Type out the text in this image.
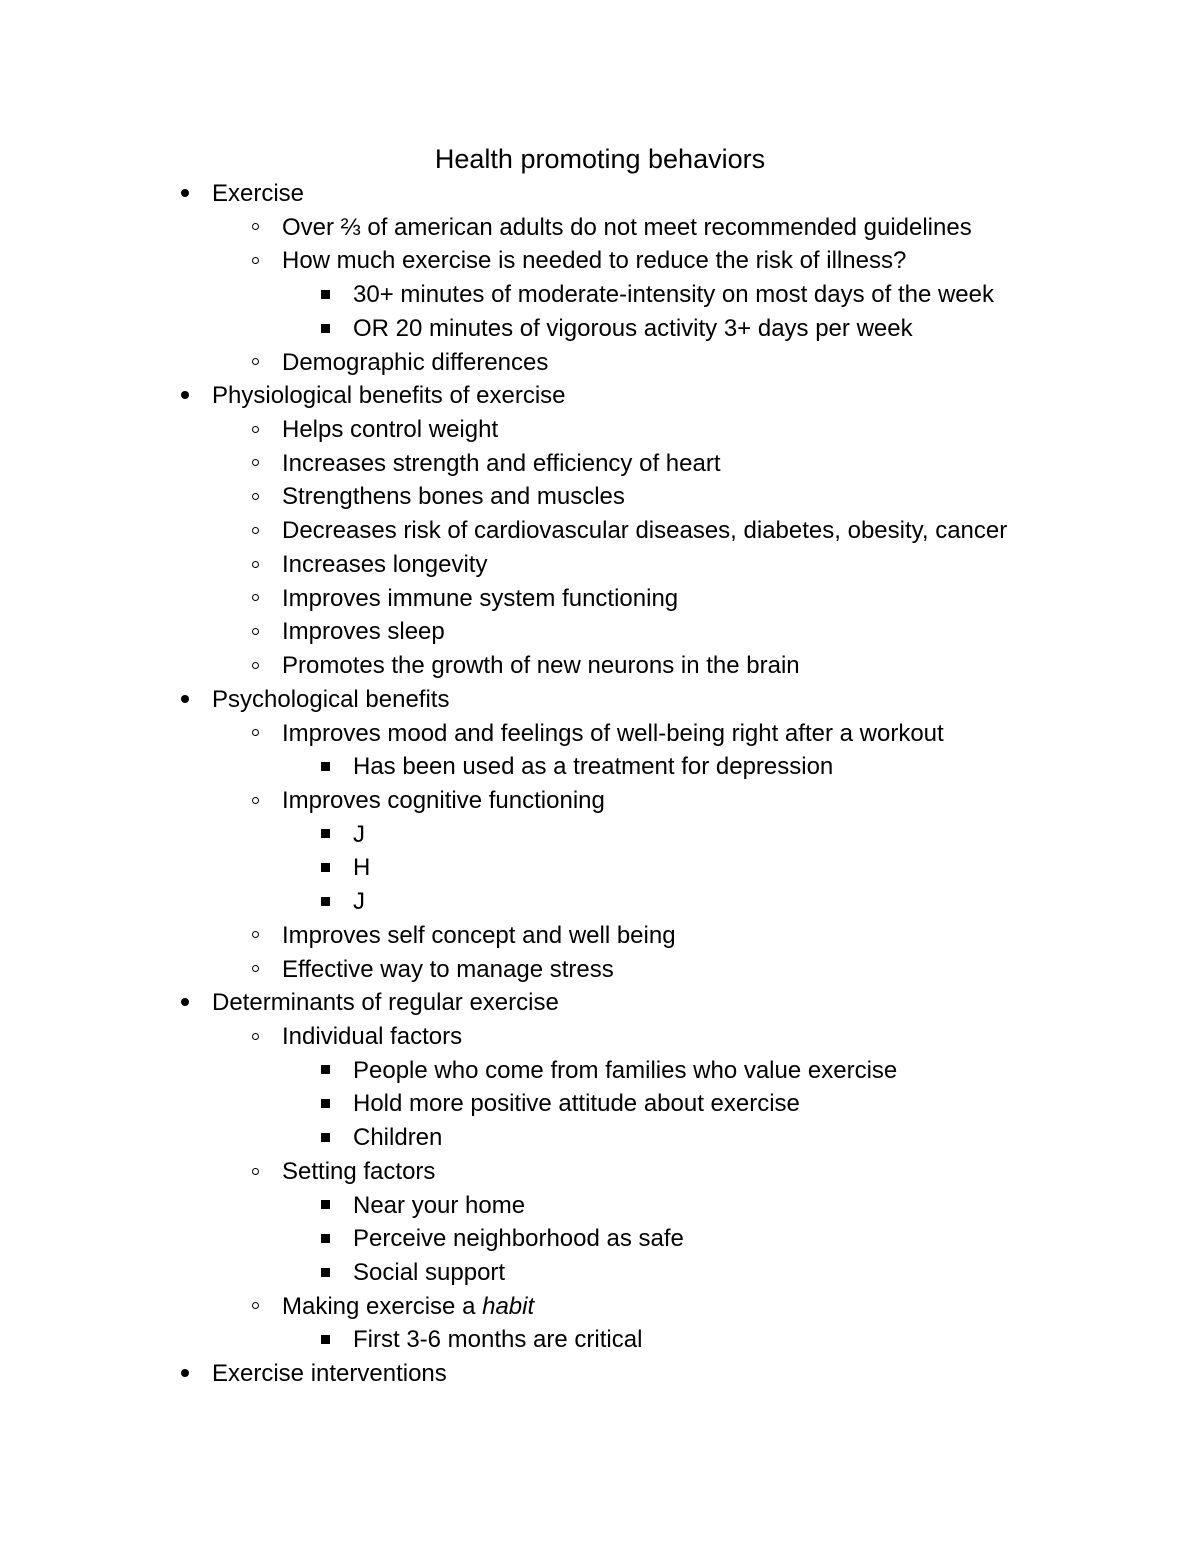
Health promoting behaviors
Exercise
Over ⅔ of american adults do not meet recommended guidelines
How much exercise is needed to reduce the risk of illness?
30+ minutes of moderate-intensity on most days of the week
OR 20 minutes of vigorous activity 3+ days per week
Demographic differences
Physiological benefits of exercise
Helps control weight
Increases strength and efficiency of heart
Strengthens bones and muscles
Decreases risk of cardiovascular diseases, diabetes, obesity, cancer
Increases longevity
Improves immune system functioning
Improves sleep
Promotes the growth of new neurons in the brain
Psychological benefits
Improves mood and feelings of well-being right after a workout
Has been used as a treatment for depression
Improves cognitive functioning
J
H
J
Improves self concept and well being
Effective way to manage stress
Determinants of regular exercise
Individual factors
People who come from families who value exercise
Hold more positive attitude about exercise
Children
Setting factors
Near your home
Perceive neighborhood as safe
Social support
Making exercise a habit
First 3-6 months are critical
Exercise interventions
